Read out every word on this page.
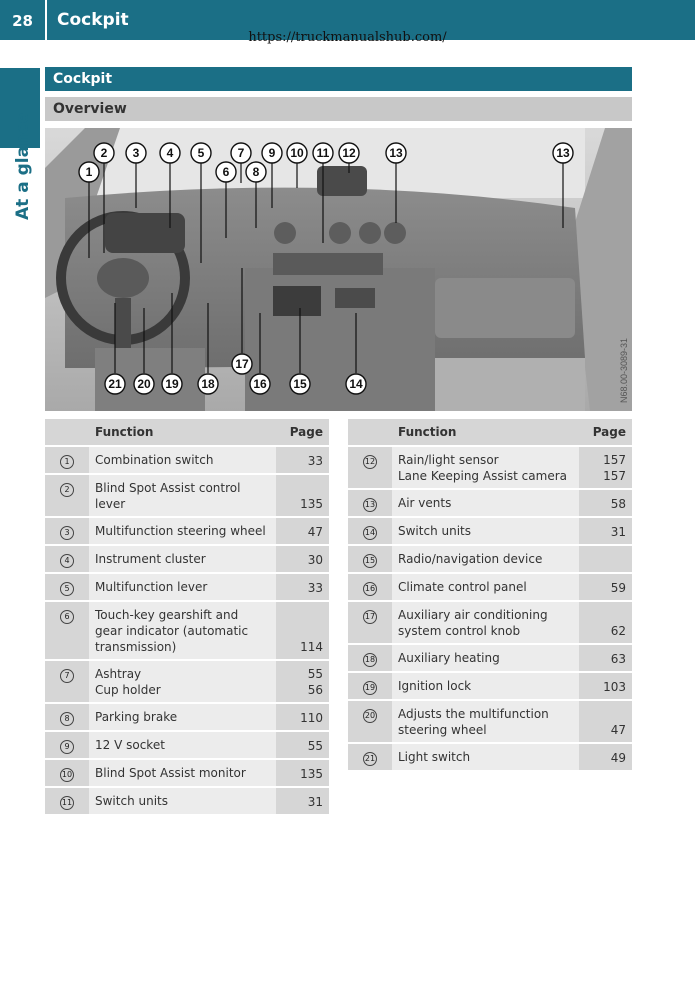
28	Cockpit
https://truckmanualshub.com/
At a glance
Cockpit
Overview
N68.00-3089-31
1
2 3 4 5
6
7
8
9 10 11 12	13	13
21 20 19 18
17
16 15	14
	Function	Page
1	Combination switch	33

2	Blind Spot Assist control
lever	135

3	Multifunction steering wheel	47

4	Instrument cluster	30

5	Multifunction lever	33

6	Touch-key gearshift and
gear indicator (automatic
transmission)	114

7	Ashtray
Cup holder	55
56

8	Parking brake	110

9	12 V socket	55

10	Blind Spot Assist monitor	135

11	Switch units	31
	Function	Page
12	Rain/light sensor
Lane Keeping Assist camera	157
157

13	Air vents	58

14	Switch units	31

15	Radio/navigation device	

16	Climate control panel	59

17	Auxiliary air conditioning
system control knob	62

18	Auxiliary heating	63

19	Ignition lock	103

20	Adjusts the multifunction
steering wheel	47

21	Light switch	49
